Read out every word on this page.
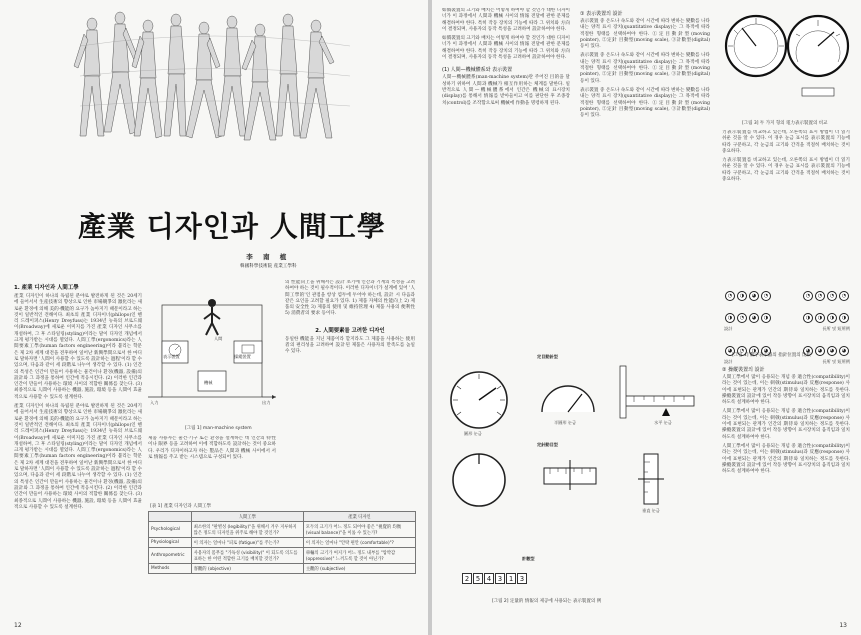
產業 디자인과 人間工學
李 南 植
韓國科學技術院 産業工學科
1. 產業 디자인과 人間工學
產業 디자인이 하나의 독립된 분야로 발전하게 된 것은 20세기에 들어서서 生産技術의 향상으로 인한 市場競爭의 激化라는 새로운 환경에 의해 美的·機能的 요구가 높아지기 때문이라고 하는 것이 일반적인 견해이다. 최초의 產業 디자이너(philopo)인 헨리 드레이퍼스(Henry Dreyfuss)는 1934년 뉴욕의 브로드웨이(Broadway)에 새로운 이미지를 가진 產業 디자인 사무소를 개설하여, 그 후 스타일링(styling)이라는 말이 디자인 개념에서 크게 평가받는 시대를 열었다. 人間工學(ergonomics)라는 人間要素工學(human factors engineering)이라 불리는 학문은 제 2차 세계 대전을 전후하여 일어난 新興學問으로서 한 마디로 말하자면 '人間이 사용할 수 있도록 設計하는 過程'이라 할 수 있으며, 다음과 같이 세 段階로 나누어 생각할 수 있다. (1) 인간의 특성은 인간이 만들어 사용하는 물건이나 환경(機器, 設備)의 設計와 그 과정을 통하여 인간에 적응시킨다. (2) 이러한 인간과 인간이 만들어 사용하는 環境 사이의 적합한 關係를 찾는다. (3) 최종적으로 人間이 사용하는 機器, 施設, 環境 등을 人間이 효율적으로 사용할 수 있도록 설계한다.
產業 디자인이 하나의 독립된 분야로 발전하게 된 것은 20세기에 들어서서 生産技術의 향상으로 인한 市場競爭의 激化라는 새로운 환경에 의해 美的·機能的 요구가 높아지기 때문이라고 하는 것이 일반적인 견해이다. 최초의 產業 디자이너(philopo)인 헨리 드레이퍼스(Henry Dreyfuss)는 1934년 뉴욕의 브로드웨이(Broadway)에 새로운 이미지를 가진 產業 디자인 사무소를 개설하여, 그 후 스타일링(styling)이라는 말이 디자인 개념에서 크게 평가받는 시대를 열었다. 人間工學(ergonomics)라는 人間要素工學(human factors engineering)이라 불리는 학문은 제 2차 세계 대전을 전후하여 일어난 新興學問으로서 한 마디로 말하자면 '人間이 사용할 수 있도록 設計하는 過程'이라 할 수 있으며, 다음과 같이 세 段階로 나누어 생각할 수 있다. (1) 인간의 특성은 인간이 만들어 사용하는 물건이나 환경(機器, 設備)의 設計와 그 과정을 통하여 인간에 적응시킨다. (2) 이러한 인간과 인간이 만들어 사용하는 環境 사이의 적합한 關係를 찾는다. (3) 최종적으로 人間이 사용하는 機器, 施設, 環境 등을 人間이 효율적으로 사용할 수 있도록 설계한다.
人間
表示裝置	操縱裝置
機械
入力	出力
[그림 1] man-machine system
제품 사용자는 물건·기구 또는 환경을 설계하는 데 인간의 特性이나 限界 등을 고려하여 이에 적합하도록 設計하는 것이 중요하다. 우리가 디자이하고자 하는 製品은 人間과 機械 사이에서 서로 情報를 주고 받는 시스템으로 구성되어 있다.
의 性能向上을 위해서는 設計 초기에 인간과 기계의 특성을 고려하여야 하는 것이 필수적이다. 이러한 디자이너가 설계에 있어 '人間工學的'인 관점을 항상 염두에 두어야 하는데, 設計 시 다음과 같은 요인을 고려할 필요가 있다. 1) 제품 자체의 性能向上 2) 제품의 安全性 3) 제품의 使用 및 維持管理 4) 제품 사용의 便利性 5) 消費者의 要求 등이다.
2. 人間要素를 고려한 디자인
동일한 機能을 지닌 제품이라 할지라도 그 제품을 사용하는 使用者의 편리성을 고려하여 設計된 제품은 사용자의 만족도를 높일 수 있다.
[表 1] 產業 디자인과 人間工學
	人間工學	產業 디자인
Psychological	최소한의 "판별성 (legibility)"을 위해서 겨우 지루하지 않은 정도의 디자인을 위주로 해야 할 것인가?	모두의 크기가 어느 정도 되어야 좋은 "視覺的 均衡(visual balance)"을 이룰 수 있는가?
Physiological	이 의자는 얼마나 "피로 (fatigue)"를 주는가?	이 의자는 얼마나 "안락 편안 (comfortable)"?
Anthropometric	사용자의 몸무를 "가독성 (visibility)" 이 되도록 의도를 표하는 한 어떤 적합한 크기를 배치할 것인가?	車輛의 크기가 여지가 어느 정도 내부를 "압박감(oppressive)" 느끼도록 할 것이 아닌가?
Methods	客觀的 (objective)	主觀的 (subjective)
12
如價裝置의 크기와 배치는 어떻게 하여야 할 것인가 대한 디자이너가 이 과정에서 人間과 機械 사이의 情報 전달에 관한 문제를 해결하여야 한다. 특히 작동 장치의 기능에 따라 그 위치와 方向이 결정되며, 사용자의 동작 특성을 고려하여 設計하여야 한다.
如價裝置의 크기와 배치는 어떻게 하여야 할 것인가 대한 디자이너가 이 과정에서 人間과 機械 사이의 情報 전달에 관한 문제를 해결하여야 한다. 특히 작동 장치의 기능에 따라 그 위치와 方向이 결정되며, 사용자의 동작 특성을 고려하여 設計하여야 한다.
(1) 人間—機械體系와 表示裝置
人間—機械體系(man-machine system)란 주어진 目的을 달성하기 위하여 人間과 機械가 相互作用하는 체계를 말한다. 일반적으로 人間—機械體系에서 인간은 機械의 표시장치(display)를 통해서 情報를 받아들이고 이를 판단한 후 조종장치(control)를 조작함으로써 機械에 作動을 명령하게 된다.
① 表示裝置의 設計
表示裝置 중 온도나 속도와 같이 시간에 따라 변하는 變數를 나타내는 양적 표시 장치(quantitative display)는 그 목적에 따라 적절한 형태를 선택하여야 한다. ①定目動針型(moving pointer), ②定針 目動型(moving scale), ③計數型(digital) 등이 있다.
表示裝置 중 온도나 속도와 같이 시간에 따라 변하는 變數를 나타내는 양적 표시 장치(quantitative display)는 그 목적에 따라 적절한 형태를 선택하여야 한다. ①定目動針型(moving pointer), ②定針 目動型(moving scale), ③計數型(digital) 등이 있다.
表示裝置 중 온도나 속도와 같이 시간에 따라 변하는 變數를 나타내는 양적 표시 장치(quantitative display)는 그 목적에 따라 적절한 형태를 선택하여야 한다. ①定目動針型(moving pointer), ②定針 目動型(moving scale), ③計數型(digital) 등이 있다.
定目動針型
圓形 눈금
半圓形 눈금	水平 눈금
定針動目型
垂直 눈금
計數型
2 5 4 3 1 3
[그림 2] 定量的 情報의 제공에 사용되는 表示裝置의 例
[그림 3] 두 가지 형의 電力表示裝置의 비교
力表示裝置를 비교하고 있는데, 오른쪽의 표시 방법이 더 읽기 쉬운 것을 알 수 있다. 이 경우 눈금 표시를 表示裝置의 기능에 따라 구분하고, 각 눈금의 크기와 간격을 적절히 배치하는 것이 중요하다.
力表示裝置를 비교하고 있는데, 오른쪽의 표시 방법이 더 읽기 쉬운 것을 알 수 있다. 이 경우 눈금 표시를 表示裝置의 기능에 따라 구분하고, 각 눈금의 크기와 간격을 적절히 배치하는 것이 중요하다.
◔ ◑ ◕ ◔	◔ ◔ ◔ ◔
◑ ◔ ◕ ◑	◑ ◑ ◑ ◑
設計	長所 및 短所例
◕ ◔ ◑ ◕	◕ ◕ ◕ ◕
設計	長所 및 短所例
[그림 4] 數字表示器의 指針位置의 比較
② 操縱裝置의 設計
人間工學에서 많이 응용되는 개념 중 適合性(compatibility)이라는 것이 있는데, 이는 刺戟(stimulus)과 反應(response) 사이에 표현되는 관계가 인간의 期待와 일치하는 정도를 뜻한다. 操縱裝置의 設計에 있어 작동 방향이 표시장치의 움직임과 일치하도록 설계하여야 한다.
人間工學에서 많이 응용되는 개념 중 適合性(compatibility)이라는 것이 있는데, 이는 刺戟(stimulus)과 反應(response) 사이에 표현되는 관계가 인간의 期待와 일치하는 정도를 뜻한다. 操縱裝置의 設計에 있어 작동 방향이 표시장치의 움직임과 일치하도록 설계하여야 한다.
人間工學에서 많이 응용되는 개념 중 適合性(compatibility)이라는 것이 있는데, 이는 刺戟(stimulus)과 反應(response) 사이에 표현되는 관계가 인간의 期待와 일치하는 정도를 뜻한다. 操縱裝置의 設計에 있어 작동 방향이 표시장치의 움직임과 일치하도록 설계하여야 한다.
13
